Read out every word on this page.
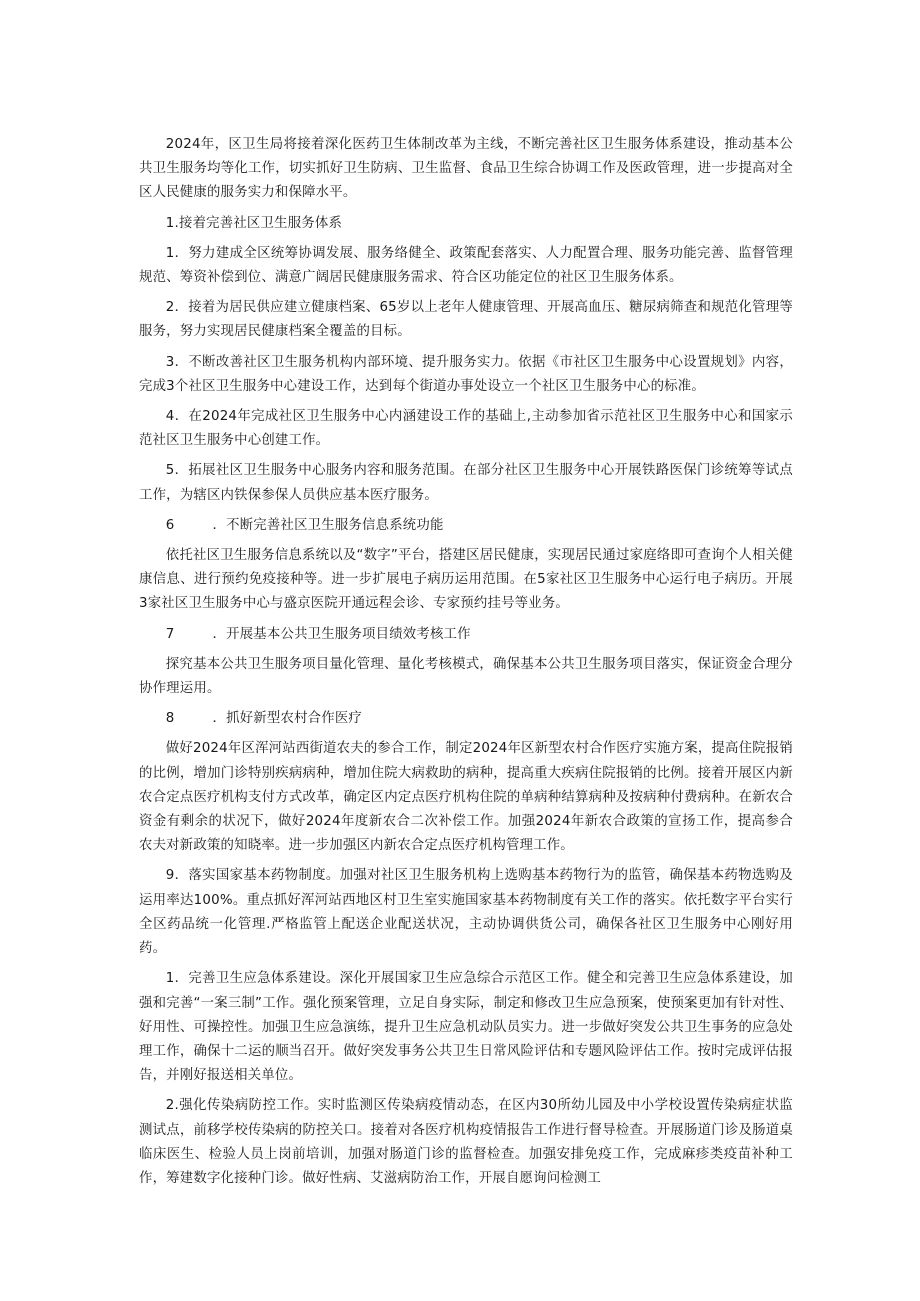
2024年，区卫生局将接着深化医药卫生体制改革为主线，不断完善社区卫生服务体系建设，推动基本公共卫生服务均等化工作，切实抓好卫生防病、卫生监督、食品卫生综合协调工作及医政管理，进一步提高对全区人民健康的服务实力和保障水平。

1.接着完善社区卫生服务体系

1．努力建成全区统筹协调发展、服务络健全、政策配套落实、人力配置合理、服务功能完善、监督管理规范、筹资补偿到位、满意广阔居民健康服务需求、符合区功能定位的社区卫生服务体系。

2．接着为居民供应建立健康档案、65岁以上老年人健康管理、开展高血压、糖尿病筛查和规范化管理等服务，努力实现居民健康档案全覆盖的目标。

3．不断改善社区卫生服务机构内部环境、提升服务实力。依据《市社区卫生服务中心设置规划》内容，完成3个社区卫生服务中心建设工作，达到每个街道办事处设立一个社区卫生服务中心的标准。

4．在2024年完成社区卫生服务中心内涵建设工作的基础上,主动参加省示范社区卫生服务中心和国家示范社区卫生服务中心创建工作。

5．拓展社区卫生服务中心服务内容和服务范围。在部分社区卫生服务中心开展铁路医保门诊统筹等试点工作，为辖区内铁保参保人员供应基本医疗服务。

6	．不断完善社区卫生服务信息系统功能

依托社区卫生服务信息系统以及“数字”平台，搭建区居民健康，实现居民通过家庭络即可查询个人相关健康信息、进行预约免疫接种等。进一步扩展电子病历运用范围。在5家社区卫生服务中心运行电子病历。开展3家社区卫生服务中心与盛京医院开通远程会诊、专家预约挂号等业务。

7	．开展基本公共卫生服务项目绩效考核工作

探究基本公共卫生服务项目量化管理、量化考核模式，确保基本公共卫生服务项目落实，保证资金合理分协作理运用。

8	．抓好新型农村合作医疗

做好2024年区浑河站西街道农夫的参合工作，制定2024年区新型农村合作医疗实施方案，提高住院报销的比例，增加门诊特别疾病病种，增加住院大病救助的病种，提高重大疾病住院报销的比例。接着开展区内新农合定点医疗机构支付方式改革，确定区内定点医疗机构住院的单病种结算病种及按病种付费病种。在新农合资金有剩余的状况下，做好2024年度新农合二次补偿工作。加强2024年新农合政策的宣扬工作，提高参合农夫对新政策的知晓率。进一步加强区内新农合定点医疗机构管理工作。

9．落实国家基本药物制度。加强对社区卫生服务机构上选购基本药物行为的监管，确保基本药物选购及运用率达100%。重点抓好浑河站西地区村卫生室实施国家基本药物制度有关工作的落实。依托数字平台实行全区药品统一化管理.严格监管上配送企业配送状况，主动协调供货公司，确保各社区卫生服务中心刚好用药。

1．完善卫生应急体系建设。深化开展国家卫生应急综合示范区工作。健全和完善卫生应急体系建设，加强和完善“一案三制”工作。强化预案管理，立足自身实际，制定和修改卫生应急预案，使预案更加有针对性、好用性、可操控性。加强卫生应急演练，提升卫生应急机动队员实力。进一步做好突发公共卫生事务的应急处理工作，确保十二运的顺当召开。做好突发事务公共卫生日常风险评估和专题风险评估工作。按时完成评估报告，并刚好报送相关单位。

2.强化传染病防控工作。实时监测区传染病疫情动态，在区内30所幼儿园及中小学校设置传染病症状监测试点，前移学校传染病的防控关口。接着对各医疗机构疫情报告工作进行督导检查。开展肠道门诊及肠道桌临床医生、检验人员上岗前培训，加强对肠道门诊的监督检查。加强安排免疫工作，完成麻疹类疫苗补种工作，筹建数字化接种门诊。做好性病、艾滋病防治工作，开展自愿询问检测工
